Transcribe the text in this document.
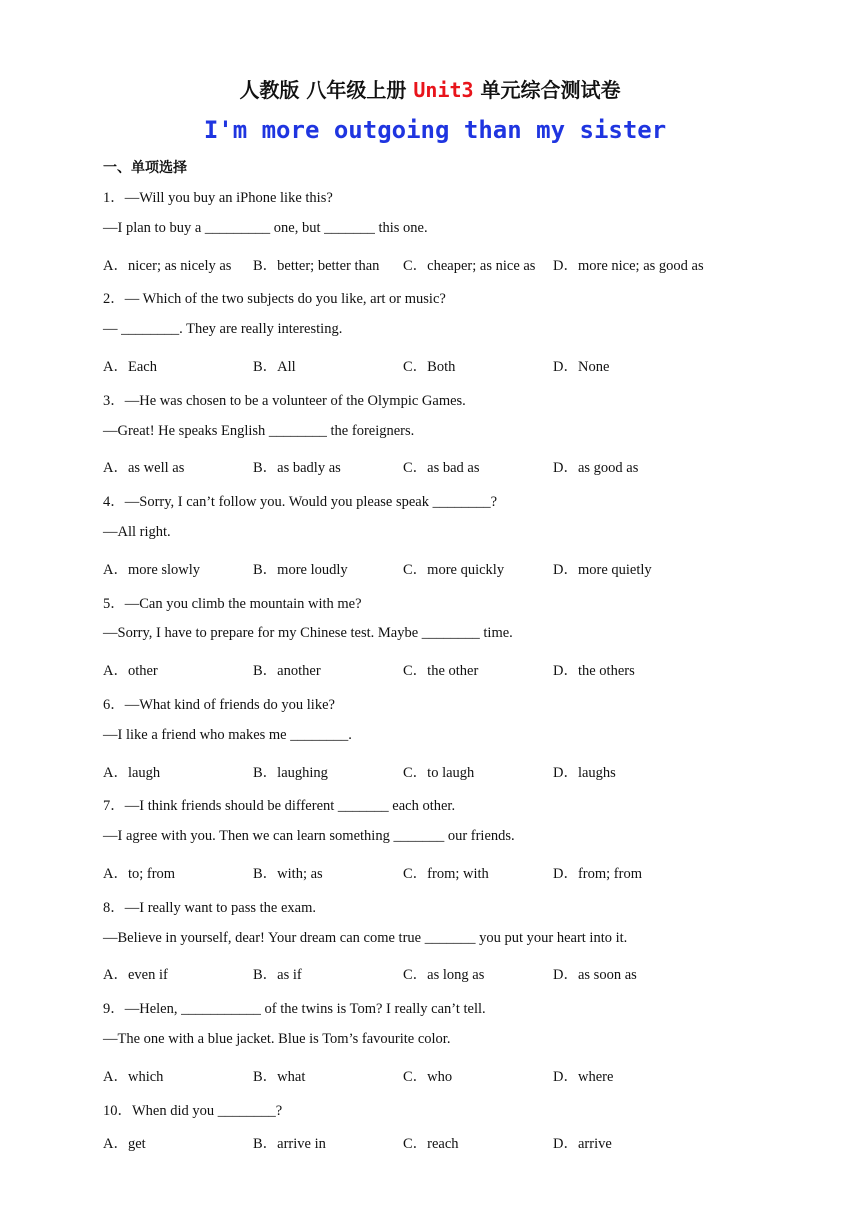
人教版 八年级上册 Unit3 单元综合测试卷
I'm more outgoing than my sister
一、单项选择
1．—Will you buy an iPhone like this?
—I plan to buy a _________ one, but _______ this one.
A．nicer; as nicely as B．better; better than C．cheaper; as nice as D．more nice; as good as
2．— Which of the two subjects do you like, art or music?
— ________. They are really interesting.
A．Each	B．All	C．Both	D．None
3．—He was chosen to be a volunteer of the Olympic Games.
—Great! He speaks English ________ the foreigners.
A．as well as	B．as badly as	C．as bad as	D．as good as
4．—Sorry, I can’t follow you. Would you please speak ________?
—All right.
A．more slowly	B．more loudly	C．more quickly	D．more quietly
5．—Can you climb the mountain with me?
—Sorry, I have to prepare for my Chinese test. Maybe ________ time.
A．other	B．another	C．the other	D．the others
6．—What kind of friends do you like?
—I like a friend who makes me ________.
A．laugh	B．laughing	C．to laugh	D．laughs
7．—I think friends should be different _______ each other.
—I agree with you. Then we can learn something _______ our friends.
A．to; from	B．with; as	C．from; with	D．from; from
8．—I really want to pass the exam.
—Believe in yourself, dear! Your dream can come true _______ you put your heart into it.
A．even if	B．as if	C．as long as	D．as soon as
9．—Helen, ___________ of the twins is Tom? I really can’t tell.
—The one with a blue jacket. Blue is Tom’s favourite color.
A．which	B．what	C．who	D．where
10．When did you ________?
A．get	B．arrive in	C．reach	D．arrive
